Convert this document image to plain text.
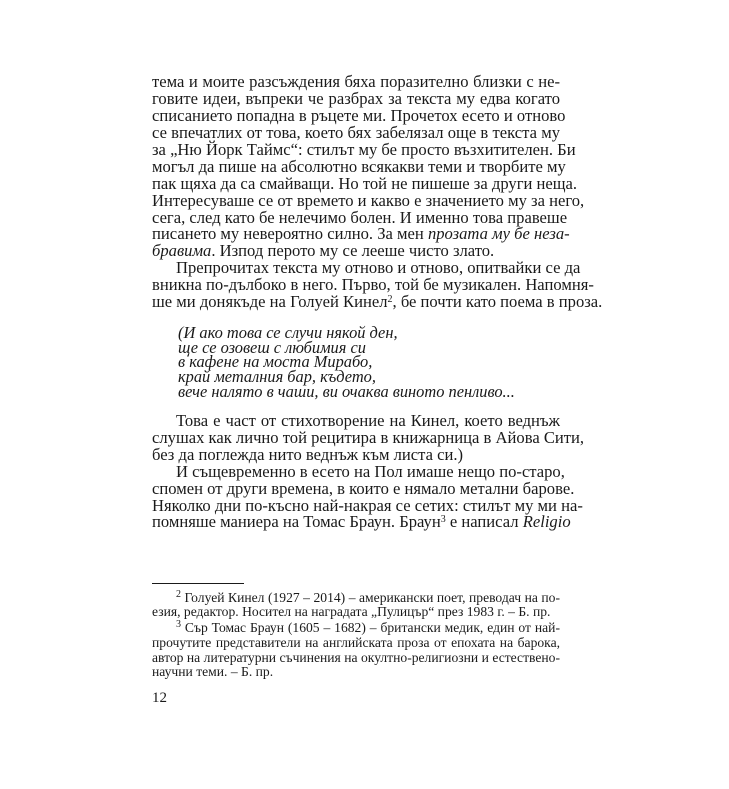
тема и моите разсъждения бяха поразително близки с не-
говите идеи, въпреки че разбрах за текста му едва когато
списанието попадна в ръцете ми. Прочетох есето и отново
се впечатлих от това, което бях забелязал още в текста му
за „Ню Йорк Таймс“: стилът му бе просто възхитителен. Би
могъл да пише на абсолютно всякакви теми и творбите му
пак щяха да са смайващи. Но той не пишеше за други неща.
Интересуваше се от времето и какво е значението му за него,
сега, след като бе нелечимо болен. И именно това правеше
писането му невероятно силно. За мен прозата му бе неза-
бравима. Изпод перото му се лееше чисто злато.
Препрочитах текста му отново и отново, опитвайки се да
вникна по-дълбоко в него. Първо, той бе музикален. Напомня-
ше ми донякъде на Голуей Кинел$^2$, бе почти като поема в проза.
(И ако това се случи някой ден,
ще се озовеш с любимия си
в кафене на моста Мирабо,
край металния бар, където,
вече налято в чаши, ви очаква виното пенливо...
Това е част от стихотворение на Кинел, което веднъж
слушах как лично той рецитира в книжарница в Айова Сити,
без да поглежда нито веднъж към листа си.)
И същевременно в есето на Пол имаше нещо по-старо,
спомен от други времена, в които е нямало метални барове.
Няколко дни по-късно най-накрая се сетих: стилът му ми на-
помняше маниера на Томас Браун. Браун$^3$ е написал Religio
$^2$ Голуей Кинел (1927 – 2014) – американски поет, преводач на по-
езия, редактор. Носител на наградата „Пулицър“ през 1983 г. – Б. пр.
$^3$ Сър Томас Браун (1605 – 1682) – британски медик, един от най-
прочутите представители на английската проза от епохата на барока,
автор на литературни съчинения на окултно-религиозни и естествено-
научни теми. – Б. пр.
12
